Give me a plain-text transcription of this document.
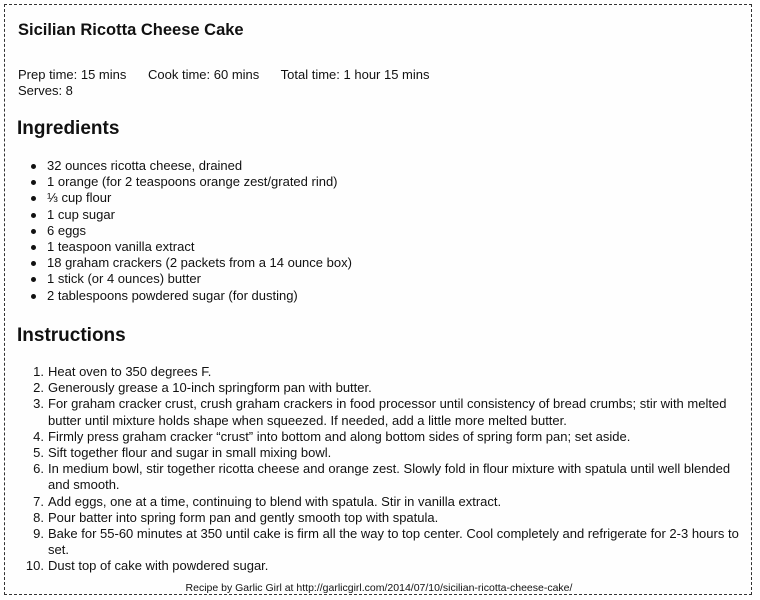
Sicilian Ricotta Cheese Cake
Prep time: 15 mins Cook time: 60 mins Total time: 1 hour 15 mins
Serves: 8
Ingredients
32 ounces ricotta cheese, drained
1 orange (for 2 teaspoons orange zest/grated rind)
⅓ cup flour
1 cup sugar
6 eggs
1 teaspoon vanilla extract
18 graham crackers (2 packets from a 14 ounce box)
1 stick (or 4 ounces) butter
2 tablespoons powdered sugar (for dusting)
Instructions
1. Heat oven to 350 degrees F.
2. Generously grease a 10-inch springform pan with butter.
3. For graham cracker crust, crush graham crackers in food processor until consistency of bread crumbs; stir with melted butter until mixture holds shape when squeezed. If needed, add a little more melted butter.
4. Firmly press graham cracker “crust” into bottom and along bottom sides of spring form pan; set aside.
5. Sift together flour and sugar in small mixing bowl.
6. In medium bowl, stir together ricotta cheese and orange zest. Slowly fold in flour mixture with spatula until well blended and smooth.
7. Add eggs, one at a time, continuing to blend with spatula. Stir in vanilla extract.
8. Pour batter into spring form pan and gently smooth top with spatula.
9. Bake for 55-60 minutes at 350 until cake is firm all the way to top center. Cool completely and refrigerate for 2-3 hours to set.
10. Dust top of cake with powdered sugar.
Recipe by Garlic Girl at http://garlicgirl.com/2014/07/10/sicilian-ricotta-cheese-cake/
